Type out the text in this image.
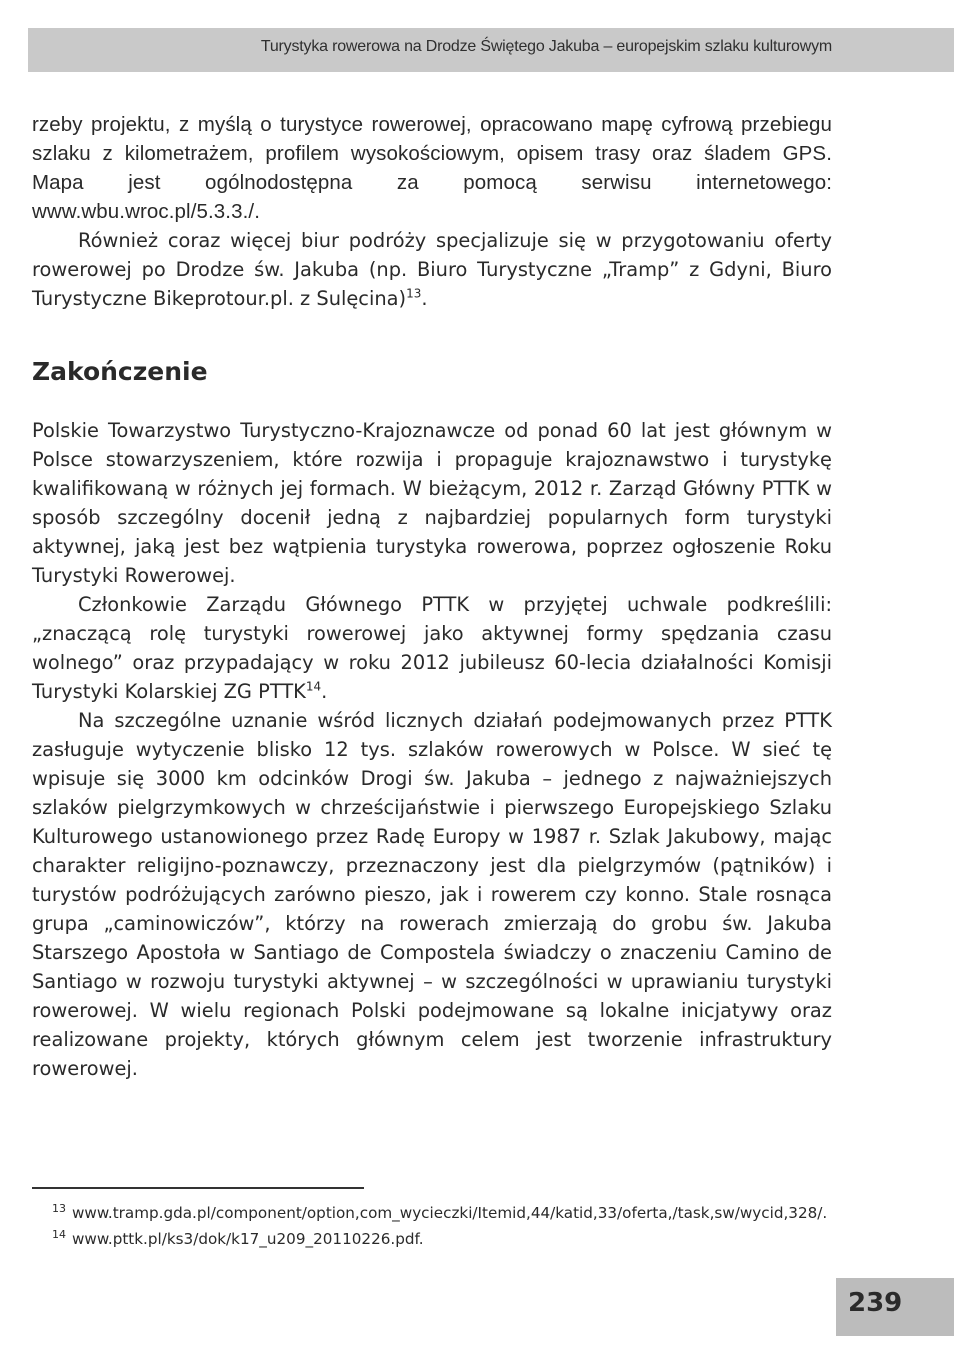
Turystyka rowerowa na Drodze Świętego Jakuba – europejskim szlaku kulturowym

rzeby projektu, z myślą o turystyce rowerowej, opracowano mapę cyfrową przebiegu szlaku z kilometrażem, profilem wysokościowym, opisem trasy oraz śladem GPS. Mapa jest ogólnodostępna za pomocą serwisu internetowego: www.wbu.wroc.pl/5.3.3./.

Również coraz więcej biur podróży specjalizuje się w przygotowaniu oferty rowerowej po Drodze św. Jakuba (np. Biuro Turystyczne „Tramp” z Gdyni, Biuro Turystyczne Bikeprotour.pl. z Sulęcina)$^{13}$.

Zakończenie

Polskie Towarzystwo Turystyczno-Krajoznawcze od ponad 60 lat jest głównym w Polsce stowarzyszeniem, które rozwija i propaguje krajoznawstwo i turystykę kwalifikowaną w różnych jej formach. W bieżącym, 2012 r. Zarząd Główny PTTK w sposób szczególny docenił jedną z najbardziej popularnych form turystyki aktywnej, jaką jest bez wątpienia turystyka rowerowa, poprzez ogłoszenie Roku Turystyki Rowerowej.

Członkowie Zarządu Głównego PTTK w przyjętej uchwale podkreślili: „znaczącą rolę turystyki rowerowej jako aktywnej formy spędzania czasu wolnego” oraz przypadający w roku 2012 jubileusz 60-lecia działalności Komisji Turystyki Kolarskiej ZG PTTK$^{14}$.

Na szczególne uznanie wśród licznych działań podejmowanych przez PTTK zasługuje wytyczenie blisko 12 tys. szlaków rowerowych w Polsce. W sieć tę wpisuje się 3000 km odcinków Drogi św. Jakuba – jednego z najważniejszych szlaków pielgrzymkowych w chrześcijaństwie i pierwszego Europejskiego Szlaku Kulturowego ustanowionego przez Radę Europy w 1987 r. Szlak Jakubowy, mając charakter religijno-poznawczy, przeznaczony jest dla pielgrzymów (pątników) i turystów podróżujących zarówno pieszo, jak i rowerem czy konno. Stale rosnąca grupa „caminowiczów”, którzy na rowerach zmierzają do grobu św. Jakuba Starszego Apostoła w Santiago de Compostela świadczy o znaczeniu Camino de Santiago w rozwoju turystyki aktywnej – w szczególności w uprawianiu turystyki rowerowej. W wielu regionach Polski podejmowane są lokalne inicjatywy oraz realizowane projekty, których głównym celem jest tworzenie infrastruktury rowerowej.

13 www.tramp.gda.pl/component/option,com_wycieczki/Itemid,44/katid,33/oferta,/task,sw/wycid,328/.

14 www.pttk.pl/ks3/dok/k17_u209_20110226.pdf.

239
